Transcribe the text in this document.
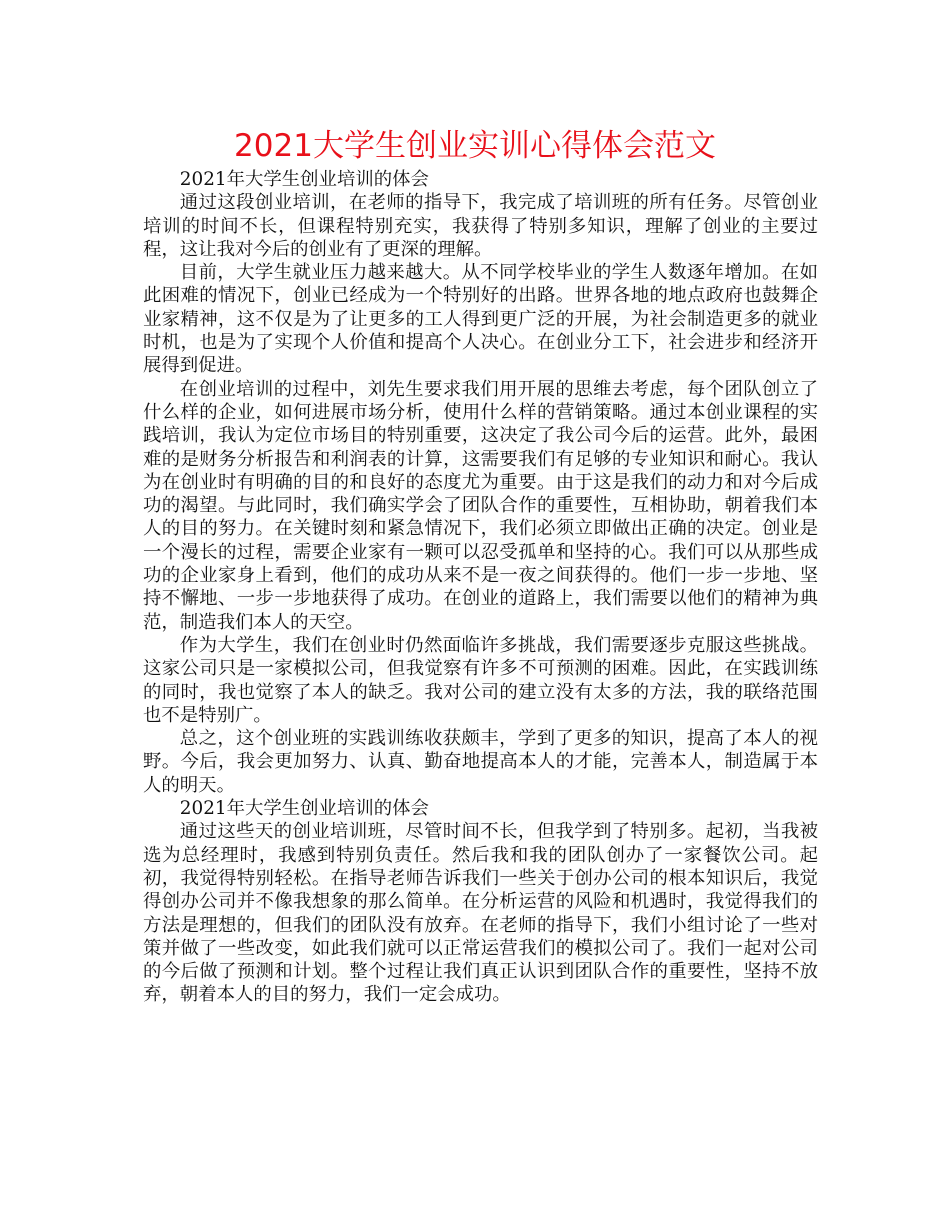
2021大学生创业实训心得体会范文

2021年大学生创业培训的体会

通过这段创业培训，在老师的指导下，我完成了培训班的所有任务。尽管创业培训的时间不长，但课程特别充实，我获得了特别多知识，理解了创业的主要过程，这让我对今后的创业有了更深的理解。

目前，大学生就业压力越来越大。从不同学校毕业的学生人数逐年增加。在如此困难的情况下，创业已经成为一个特别好的出路。世界各地的地点政府也鼓舞企业家精神，这不仅是为了让更多的工人得到更广泛的开展，为社会制造更多的就业时机，也是为了实现个人价值和提高个人决心。在创业分工下，社会进步和经济开展得到促进。

在创业培训的过程中，刘先生要求我们用开展的思维去考虑，每个团队创立了什么样的企业，如何进展市场分析，使用什么样的营销策略。通过本创业课程的实践培训，我认为定位市场目的特别重要，这决定了我公司今后的运营。此外，最困难的是财务分析报告和利润表的计算，这需要我们有足够的专业知识和耐心。我认为在创业时有明确的目的和良好的态度尤为重要。由于这是我们的动力和对今后成功的渴望。与此同时，我们确实学会了团队合作的重要性，互相协助，朝着我们本人的目的努力。在关键时刻和紧急情况下，我们必须立即做出正确的决定。创业是一个漫长的过程，需要企业家有一颗可以忍受孤单和坚持的心。我们可以从那些成功的企业家身上看到，他们的成功从来不是一夜之间获得的。他们一步一步地、坚持不懈地、一步一步地获得了成功。在创业的道路上，我们需要以他们的精神为典范，制造我们本人的天空。

作为大学生，我们在创业时仍然面临许多挑战，我们需要逐步克服这些挑战。这家公司只是一家模拟公司，但我觉察有许多不可预测的困难。因此，在实践训练的同时，我也觉察了本人的缺乏。我对公司的建立没有太多的方法，我的联络范围也不是特别广。

总之，这个创业班的实践训练收获颇丰，学到了更多的知识，提高了本人的视野。今后，我会更加努力、认真、勤奋地提高本人的才能，完善本人，制造属于本人的明天。

2021年大学生创业培训的体会

通过这些天的创业培训班，尽管时间不长，但我学到了特别多。起初，当我被选为总经理时，我感到特别负责任。然后我和我的团队创办了一家餐饮公司。起初，我觉得特别轻松。在指导老师告诉我们一些关于创办公司的根本知识后，我觉得创办公司并不像我想象的那么简单。在分析运营的风险和机遇时，我觉得我们的方法是理想的，但我们的团队没有放弃。在老师的指导下，我们小组讨论了一些对策并做了一些改变，如此我们就可以正常运营我们的模拟公司了。我们一起对公司的今后做了预测和计划。整个过程让我们真正认识到团队合作的重要性，坚持不放弃，朝着本人的目的努力，我们一定会成功。
